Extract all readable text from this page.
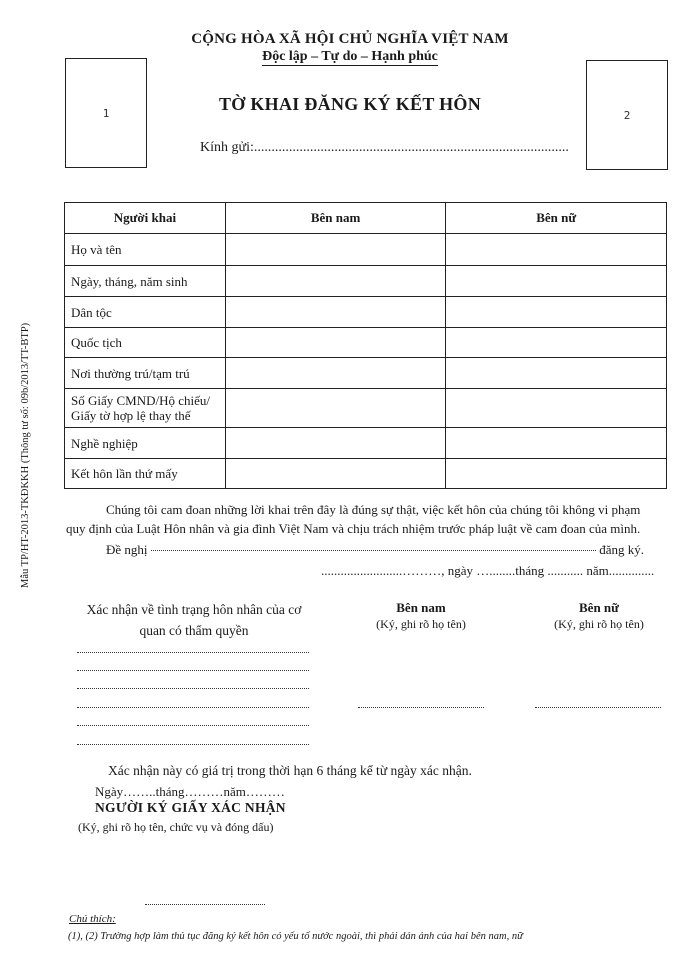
CỘNG HÒA XÃ HỘI CHỦ NGHĨA VIỆT NAM
Độc lập – Tự do – Hạnh phúc
1	2
TỜ KHAI ĐĂNG KÝ KẾT HÔN
Kính gửi:..........................................................................................
Mẫu TP/HT-2013-TKĐKKH (Thông tư số: 09b/2013/TT-BTP)
Người khai	Bên nam	Bên nữ
Họ và tên		
Ngày, tháng, năm sinh		
Dân tộc		
Quốc tịch		
Nơi thường trú/tạm trú		
Số Giấy CMND/Hộ chiếu/ Giấy tờ hợp lệ thay thế		
Nghề nghiệp		
Kết hôn lần thứ mấy		
Chúng tôi cam đoan những lời khai trên đây là đúng sự thật, việc kết hôn của chúng tôi không vi phạm
quy định của Luật Hôn nhân và gia đình Việt Nam và chịu trách nhiệm trước pháp luật về cam đoan của mình.
Đề nghị	đăng ký.
.........................………, ngày …........tháng ........... năm..............
Xác nhận về tình trạng hôn nhân của cơ quan có thẩm quyền
Bên nam
(Ký, ghi rõ họ tên)
Bên nữ
(Ký, ghi rõ họ tên)
Xác nhận này có giá trị trong thời hạn 6 tháng kể từ ngày xác nhận.
Ngày……..tháng………năm………
NGƯỜI KÝ GIẤY XÁC NHẬN
(Ký, ghi rõ họ tên, chức vụ và đóng dấu)
Chú thích:
(1), (2) Trường hợp làm thủ tục đăng ký kết hôn có yếu tố nước ngoài, thì phải dán ảnh của hai bên nam, nữ
